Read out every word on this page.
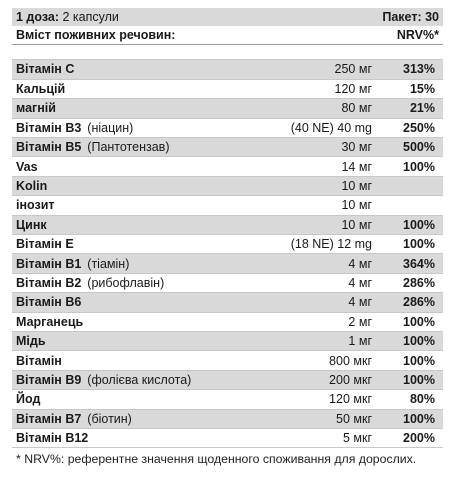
1 доза: 2 капсули	Пакет: 30
Вміст поживних речовин:	NRV%*
Вітамін C	250 мг	313%
Кальцій	120 мг	15%
магній	80 мг	21%
Вітамін B3 (ніацин)	(40 NE) 40 mg	250%
Вітамін B5 (Пантотензав)	30 мг	500%
Vas	14 мг	100%
Kolin	10 мг	
інозит	10 мг	
Цинк	10 мг	100%
Вітамін E	(18 NE) 12 mg	100%
Вітамін B1 (тіамін)	4 мг	364%
Вітамін B2 (рибофлавін)	4 мг	286%
Вітамін B6	4 мг	286%
Марганець	2 мг	100%
Мідь	1 мг	100%
Вітамін	800 мкг	100%
Вітамін B9 (фолієва кислота)	200 мкг	100%
Йод	120 мкг	80%
Вітамін B7 (біотин)	50 мкг	100%
Вітамін B12	5 мкг	200%
* NRV%: референтне значення щоденного споживання для дорослих.
